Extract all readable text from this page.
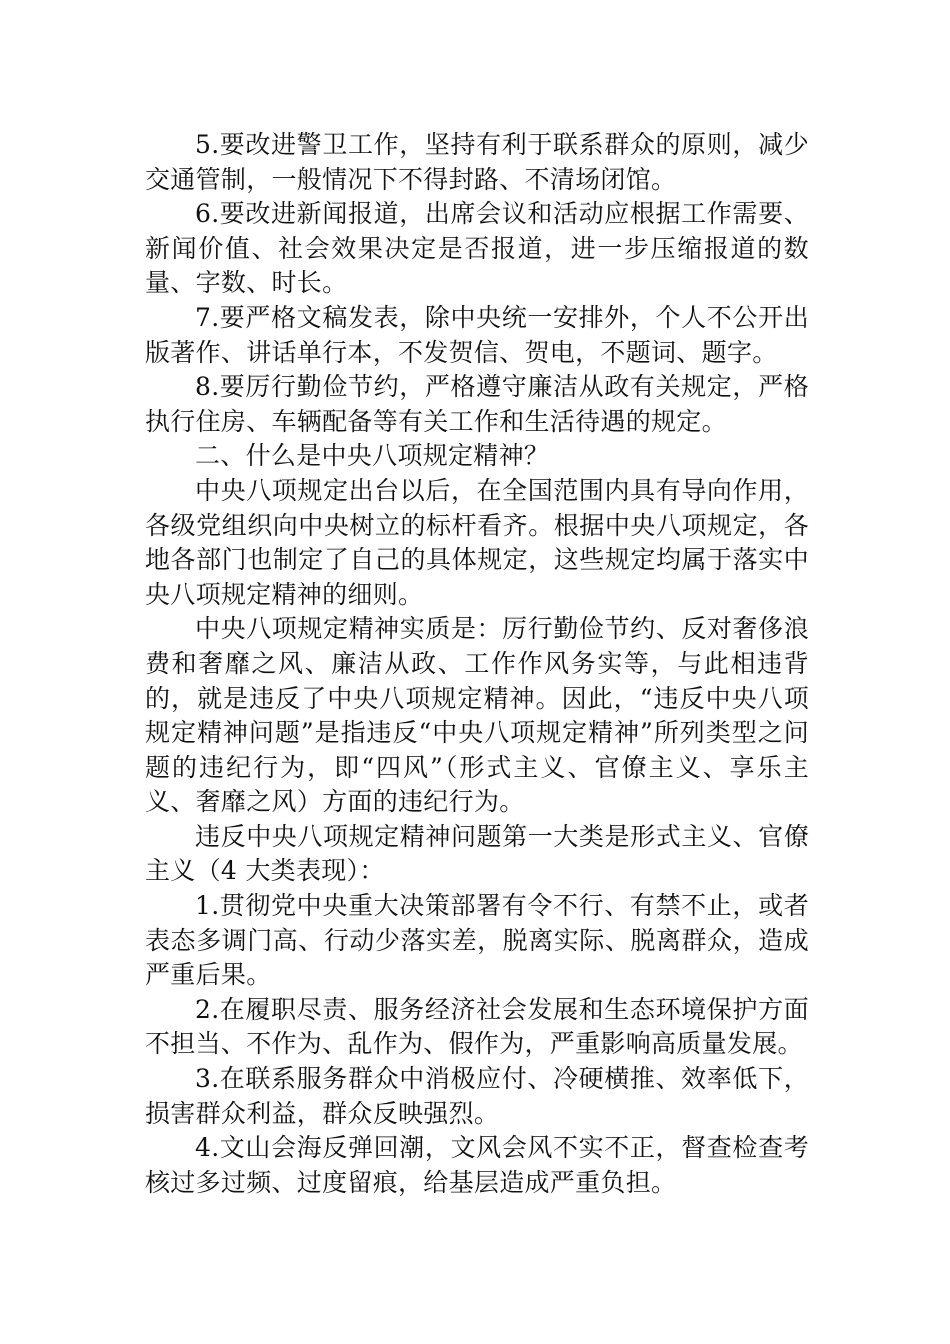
5.要改进警卫工作，坚持有利于联系群众的原则，减少交通管制，一般情况下不得封路、不清场闭馆。

6.要改进新闻报道，出席会议和活动应根据工作需要、新闻价值、社会效果决定是否报道，进一步压缩报道的数量、字数、时长。

7.要严格文稿发表，除中央统一安排外，个人不公开出版著作、讲话单行本，不发贺信、贺电，不题词、题字。

8.要厉行勤俭节约，严格遵守廉洁从政有关规定，严格执行住房、车辆配备等有关工作和生活待遇的规定。

二、什么是中央八项规定精神？

中央八项规定出台以后，在全国范围内具有导向作用，各级党组织向中央树立的标杆看齐。根据中央八项规定，各地各部门也制定了自己的具体规定，这些规定均属于落实中央八项规定精神的细则。

中央八项规定精神实质是：厉行勤俭节约、反对奢侈浪费和奢靡之风、廉洁从政、工作作风务实等，与此相违背的，就是违反了中央八项规定精神。因此，“违反中央八项规定精神问题”是指违反“中央八项规定精神”所列类型之问题的违纪行为，即“四风”（形式主义、官僚主义、享乐主义、奢靡之风）方面的违纪行为。

违反中央八项规定精神问题第一大类是形式主义、官僚主义（4 大类表现）：

1.贯彻党中央重大决策部署有令不行、有禁不止，或者表态多调门高、行动少落实差，脱离实际、脱离群众，造成严重后果。

2.在履职尽责、服务经济社会发展和生态环境保护方面不担当、不作为、乱作为、假作为，严重影响高质量发展。

3.在联系服务群众中消极应付、冷硬横推、效率低下，损害群众利益，群众反映强烈。

4.文山会海反弹回潮，文风会风不实不正，督查检查考核过多过频、过度留痕，给基层造成严重负担。
